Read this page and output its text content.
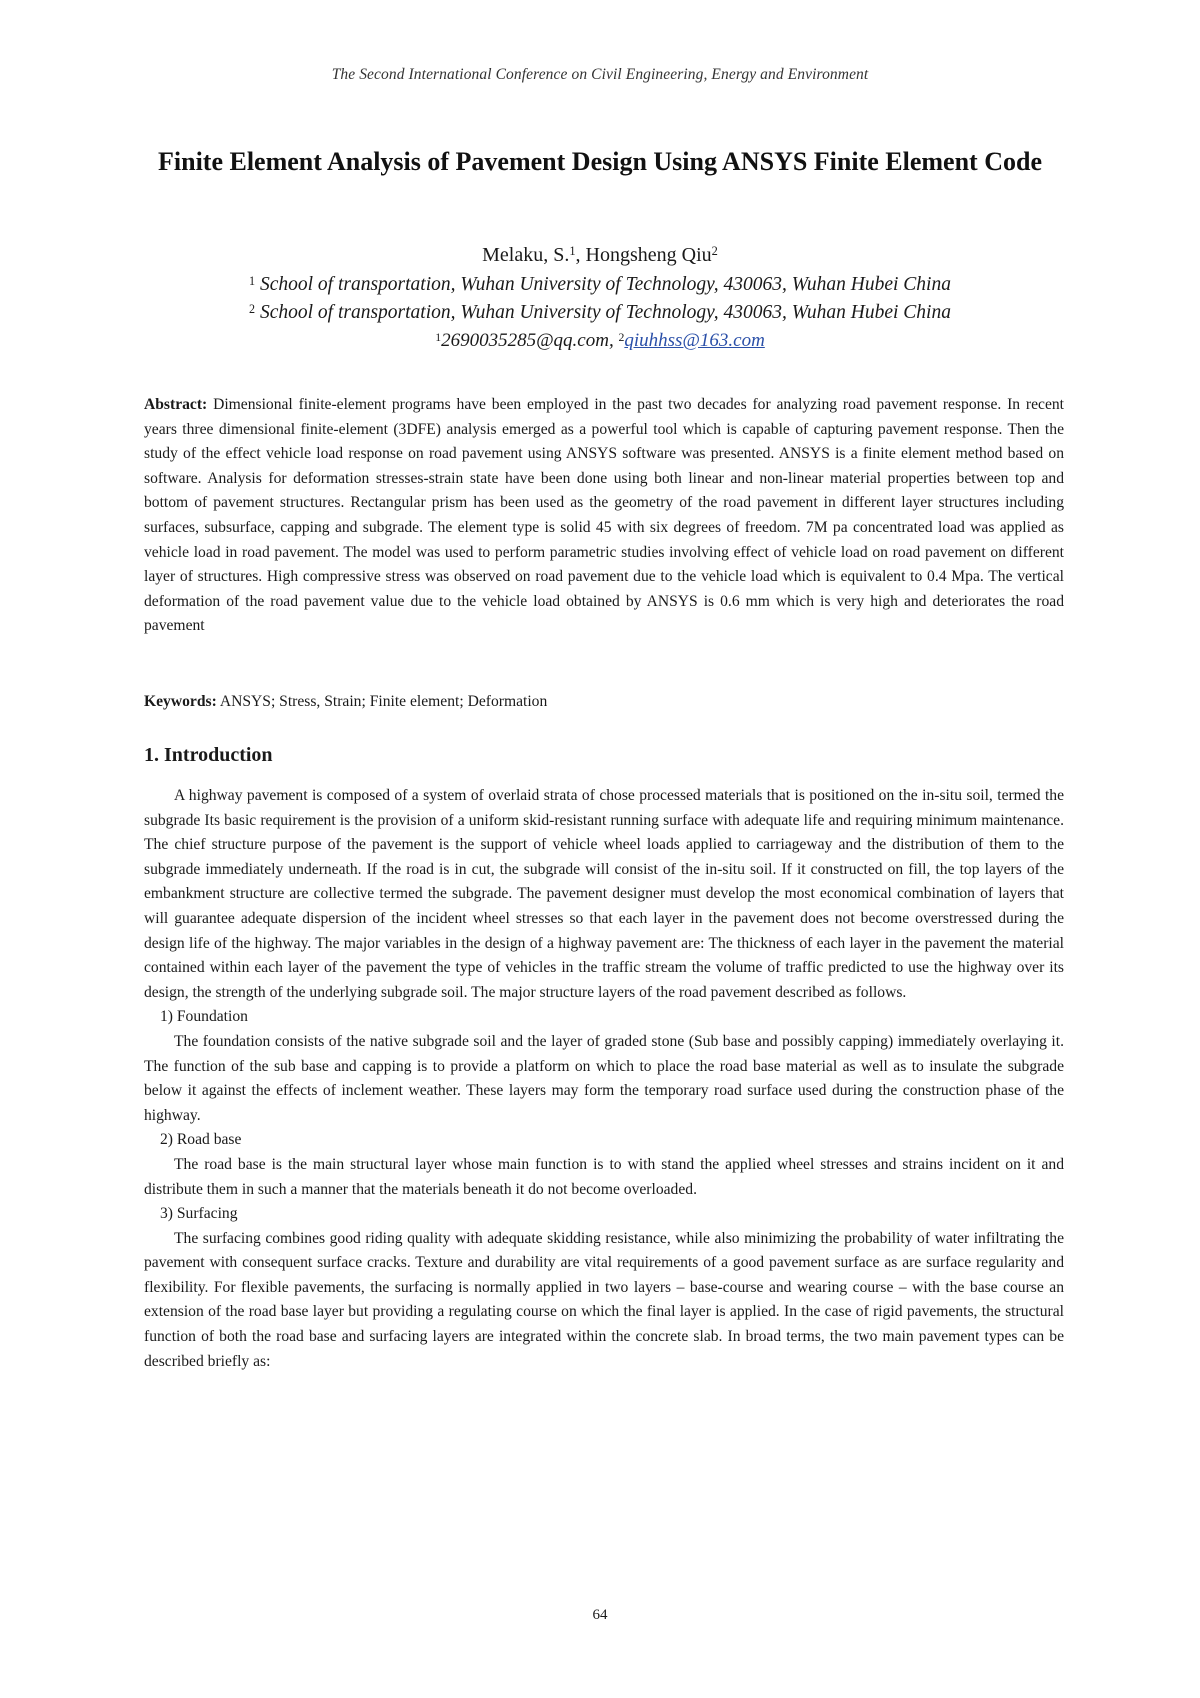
The Second International Conference on Civil Engineering, Energy and Environment
Finite Element Analysis of Pavement Design Using ANSYS Finite Element Code
Melaku, S.$^1$, Hongsheng Qiu$^2$
$^1$ School of transportation, Wuhan University of Technology, 430063, Wuhan Hubei China
$^2$ School of transportation, Wuhan University of Technology, 430063, Wuhan Hubei China
$^1$2690035285@qq.com, $^2$qiuhhss@163.com
Abstract: Dimensional finite-element programs have been employed in the past two decades for analyzing road pavement response. In recent years three dimensional finite-element (3DFE) analysis emerged as a powerful tool which is capable of capturing pavement response. Then the study of the effect vehicle load response on road pavement using ANSYS software was presented. ANSYS is a finite element method based on software. Analysis for deformation stresses-strain state have been done using both linear and non-linear material properties between top and bottom of pavement structures. Rectangular prism has been used as the geometry of the road pavement in different layer structures including surfaces, subsurface, capping and subgrade. The element type is solid 45 with six degrees of freedom. 7M pa concentrated load was applied as vehicle load in road pavement. The model was used to perform parametric studies involving effect of vehicle load on road pavement on different layer of structures. High compressive stress was observed on road pavement due to the vehicle load which is equivalent to 0.4 Mpa. The vertical deformation of the road pavement value due to the vehicle load obtained by ANSYS is 0.6 mm which is very high and deteriorates the road pavement
Keywords: ANSYS; Stress, Strain; Finite element; Deformation
1. Introduction

A highway pavement is composed of a system of overlaid strata of chose processed materials that is positioned on the in-situ soil, termed the subgrade Its basic requirement is the provision of a uniform skid-resistant running surface with adequate life and requiring minimum maintenance. The chief structure purpose of the pavement is the support of vehicle wheel loads applied to carriageway and the distribution of them to the subgrade immediately underneath. If the road is in cut, the subgrade will consist of the in-situ soil. If it constructed on fill, the top layers of the embankment structure are collective termed the subgrade. The pavement designer must develop the most economical combination of layers that will guarantee adequate dispersion of the incident wheel stresses so that each layer in the pavement does not become overstressed during the design life of the highway. The major variables in the design of a highway pavement are: The thickness of each layer in the pavement the material contained within each layer of the pavement the type of vehicles in the traffic stream the volume of traffic predicted to use the highway over its design, the strength of the underlying subgrade soil. The major structure layers of the road pavement described as follows.

1) Foundation

The foundation consists of the native subgrade soil and the layer of graded stone (Sub base and possibly capping) immediately overlaying it. The function of the sub base and capping is to provide a platform on which to place the road base material as well as to insulate the subgrade below it against the effects of inclement weather. These layers may form the temporary road surface used during the construction phase of the highway.

2) Road base

The road base is the main structural layer whose main function is to with stand the applied wheel stresses and strains incident on it and distribute them in such a manner that the materials beneath it do not become overloaded.

3) Surfacing

The surfacing combines good riding quality with adequate skidding resistance, while also minimizing the probability of water infiltrating the pavement with consequent surface cracks. Texture and durability are vital requirements of a good pavement surface as are surface regularity and flexibility. For flexible pavements, the surfacing is normally applied in two layers – base-course and wearing course – with the base course an extension of the road base layer but providing a regulating course on which the final layer is applied. In the case of rigid pavements, the structural function of both the road base and surfacing layers are integrated within the concrete slab. In broad terms, the two main pavement types can be described briefly as:

64
